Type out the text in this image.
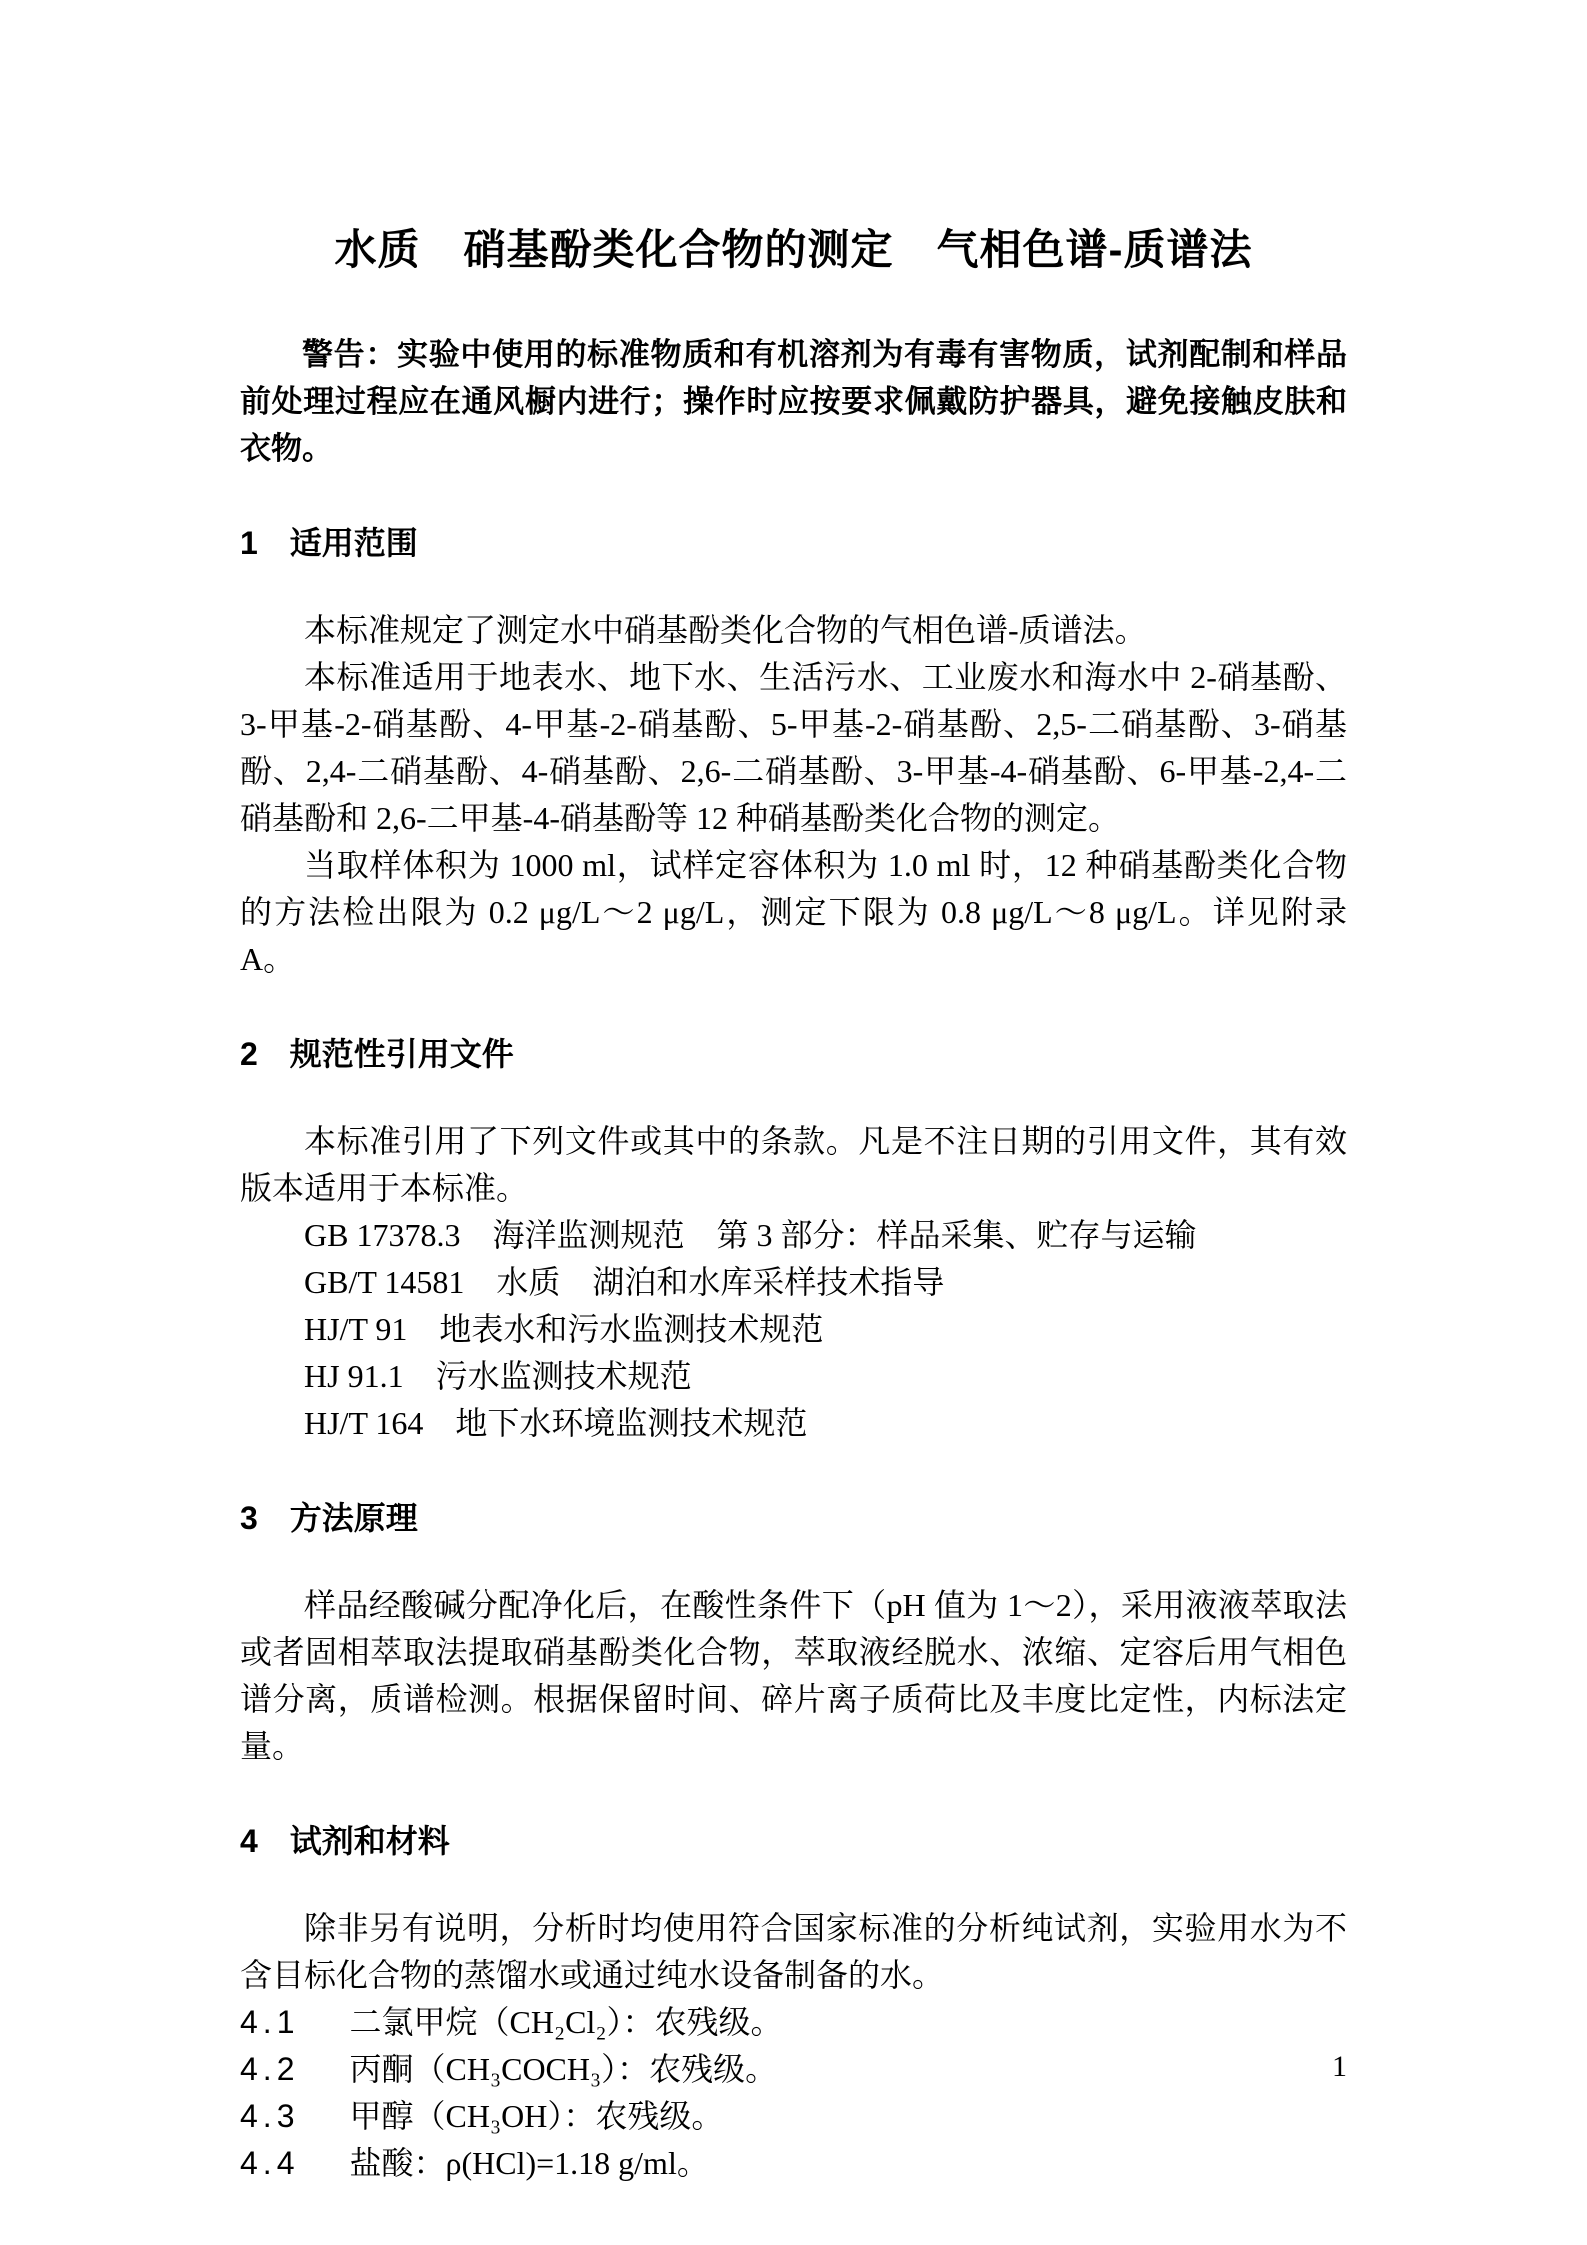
水质　硝基酚类化合物的测定　气相色谱-质谱法

警告：实验中使用的标准物质和有机溶剂为有毒有害物质，试剂配制和样品前处理过程应在通风橱内进行；操作时应按要求佩戴防护器具，避免接触皮肤和衣物。

1　适用范围

本标准规定了测定水中硝基酚类化合物的气相色谱-质谱法。

本标准适用于地表水、地下水、生活污水、工业废水和海水中 2-硝基酚、3-甲基-2-硝基酚、4-甲基-2-硝基酚、5-甲基-2-硝基酚、2,5-二硝基酚、3-硝基酚、2,4-二硝基酚、4-硝基酚、2,6-二硝基酚、3-甲基-4-硝基酚、6-甲基-2,4-二硝基酚和 2,6-二甲基-4-硝基酚等 12 种硝基酚类化合物的测定。

当取样体积为 1000 ml，试样定容体积为 1.0 ml 时，12 种硝基酚类化合物的方法检出限为 0.2 μg/L～2 μg/L，测定下限为 0.8 μg/L～8 μg/L。详见附录 A。

2　规范性引用文件

本标准引用了下列文件或其中的条款。凡是不注日期的引用文件，其有效版本适用于本标准。

GB 17378.3　海洋监测规范　第 3 部分：样品采集、贮存与运输

GB/T 14581　水质　湖泊和水库采样技术指导

HJ/T 91　地表水和污水监测技术规范

HJ 91.1　污水监测技术规范

HJ/T 164　地下水环境监测技术规范

3　方法原理

样品经酸碱分配净化后，在酸性条件下（pH 值为 1～2），采用液液萃取法或者固相萃取法提取硝基酚类化合物，萃取液经脱水、浓缩、定容后用气相色谱分离，质谱检测。根据保留时间、碎片离子质荷比及丰度比定性，内标法定量。

4　试剂和材料

除非另有说明，分析时均使用符合国家标准的分析纯试剂，实验用水为不含目标化合物的蒸馏水或通过纯水设备制备的水。

4.1 二氯甲烷（CH₂Cl₂）：农残级。

4.2 丙酮（CH₃COCH₃）：农残级。

4.3 甲醇（CH₃OH）：农残级。

4.4 盐酸：ρ(HCl)=1.18 g/ml。

1
